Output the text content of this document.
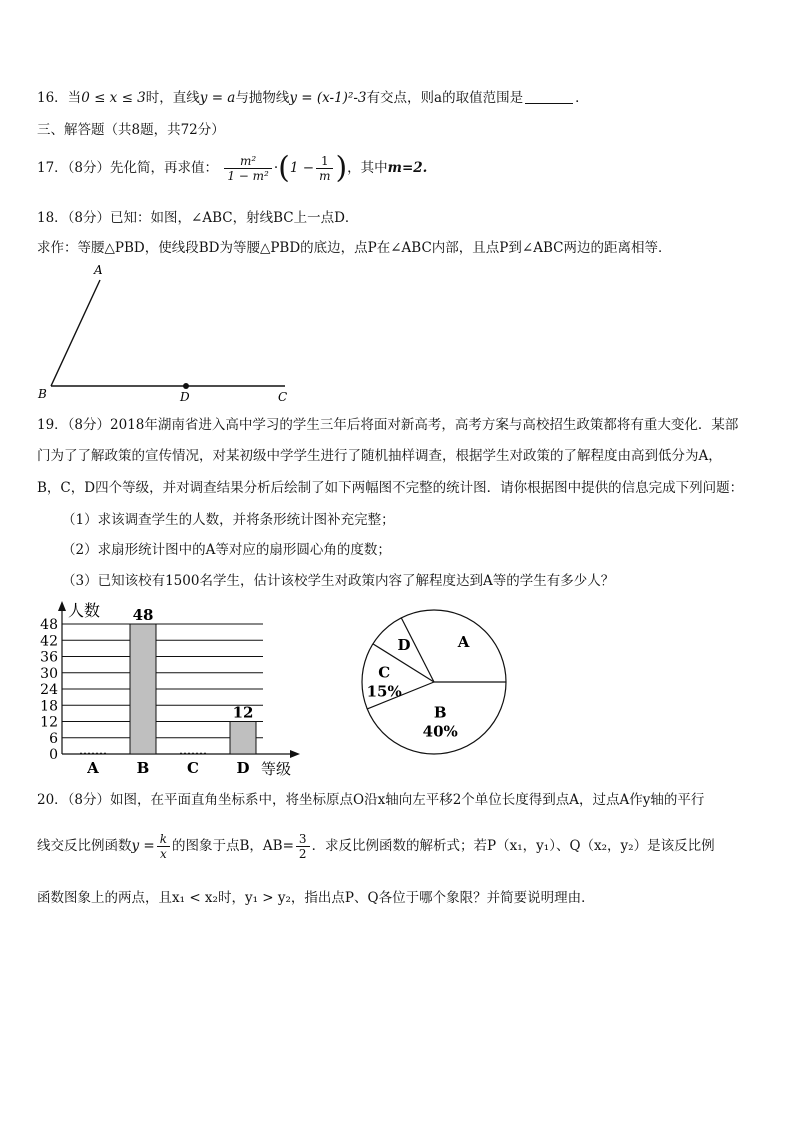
16．当0 ≤ x ≤ 3时，直线y = a与抛物线y = (x-1)²-3有交点，则a的取值范围是	．
三、解答题（共8题，共72分）
17．（8分）先化简，再求值： $\frac{\text{m²}}{\text{1 − m²}} \cdot(1 - \frac{1}{m}$ )，其中m=2.
18．（8分）已知：如图，∠ABC，射线BC上一点D．
求作：等腰△PBD，使线段BD为等腰△PBD的底边，点P在∠ABC内部，且点P到∠ABC两边的距离相等．
A
B	D	C
19．（8分）2018年湖南省进入高中学习的学生三年后将面对新高考，高考方案与高校招生政策都将有重大变化．某部
门为了了解政策的宣传情况，对某初级中学学生进行了随机抽样调查，根据学生对政策的了解程度由高到低分为A，
B，C，D四个等级，并对调查结果分析后绘制了如下两幅图不完整的统计图．请你根据图中提供的信息完成下列问题：
（1）求该调查学生的人数，并将条形统计图补充完整；
（2）求扇形统计图中的A等对应的扇形圆心角的度数；
（3）已知该校有1500名学生，估计该校学生对政策内容了解程度达到A等的学生有多少人？
0
6
12
18
24
30
36
42
48
人数
等级
A
48
B	C
12
D
A
B
40%
C
15%
D
20．（8分）如图，在平面直角坐标系中，将坐标原点O沿x轴向左平移2个单位长度得到点A，过点A作y轴的平行
线交反比例函数$y = \frac{k}{x}$ 的图象于点B，$AB= \frac{3}{2}$ ．求反比例函数的解析式；若P（x₁，y₁）、Q（x₂，y₂）是该反比例
函数图象上的两点，且x₁ < x₂时，y₁ > y₂，指出点P、Q各位于哪个象限？并简要说明理由．
